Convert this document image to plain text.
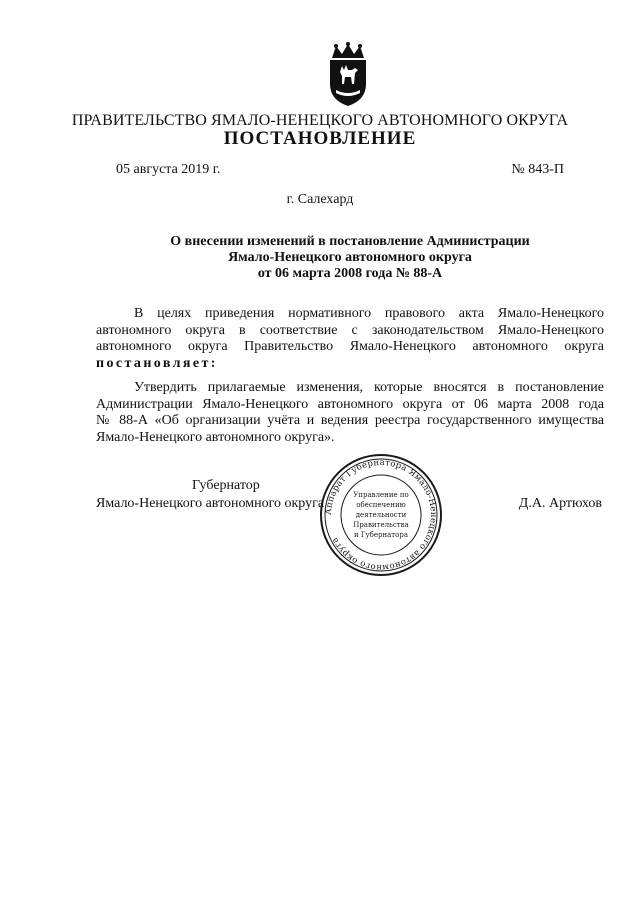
ПРАВИТЕЛЬСТВО ЯМАЛО-НЕНЕЦКОГО АВТОНОМНОГО ОКРУГА
ПОСТАНОВЛЕНИЕ
05 августа 2019 г.	№ 843-П
г. Салехард
О внесении изменений в постановление Администрации
Ямало-Ненецкого автономного округа
от 06 марта 2008 года № 88-А
В целях приведения нормативного правового акта Ямало-Ненецкого
автономного округа в соответствие с законодательством Ямало-Ненецкого
автономного округа Правительство Ямало-Ненецкого автономного округа
постановляет:
Утвердить прилагаемые изменения, которые вносятся в постановление
Администрации Ямало-Ненецкого автономного округа от 06 марта 2008 года
№ 88-А «Об организации учёта и ведения реестра государственного имущества
Ямало-Ненецкого автономного округа».
Губернатор
Ямало-Ненецкого автономного округа	Д.А. Артюхов
Аппарат Губернатора Ямало-Ненецкого автономного округа
Управление по
обеспечению
деятельности
Правительства
и Губернатора
